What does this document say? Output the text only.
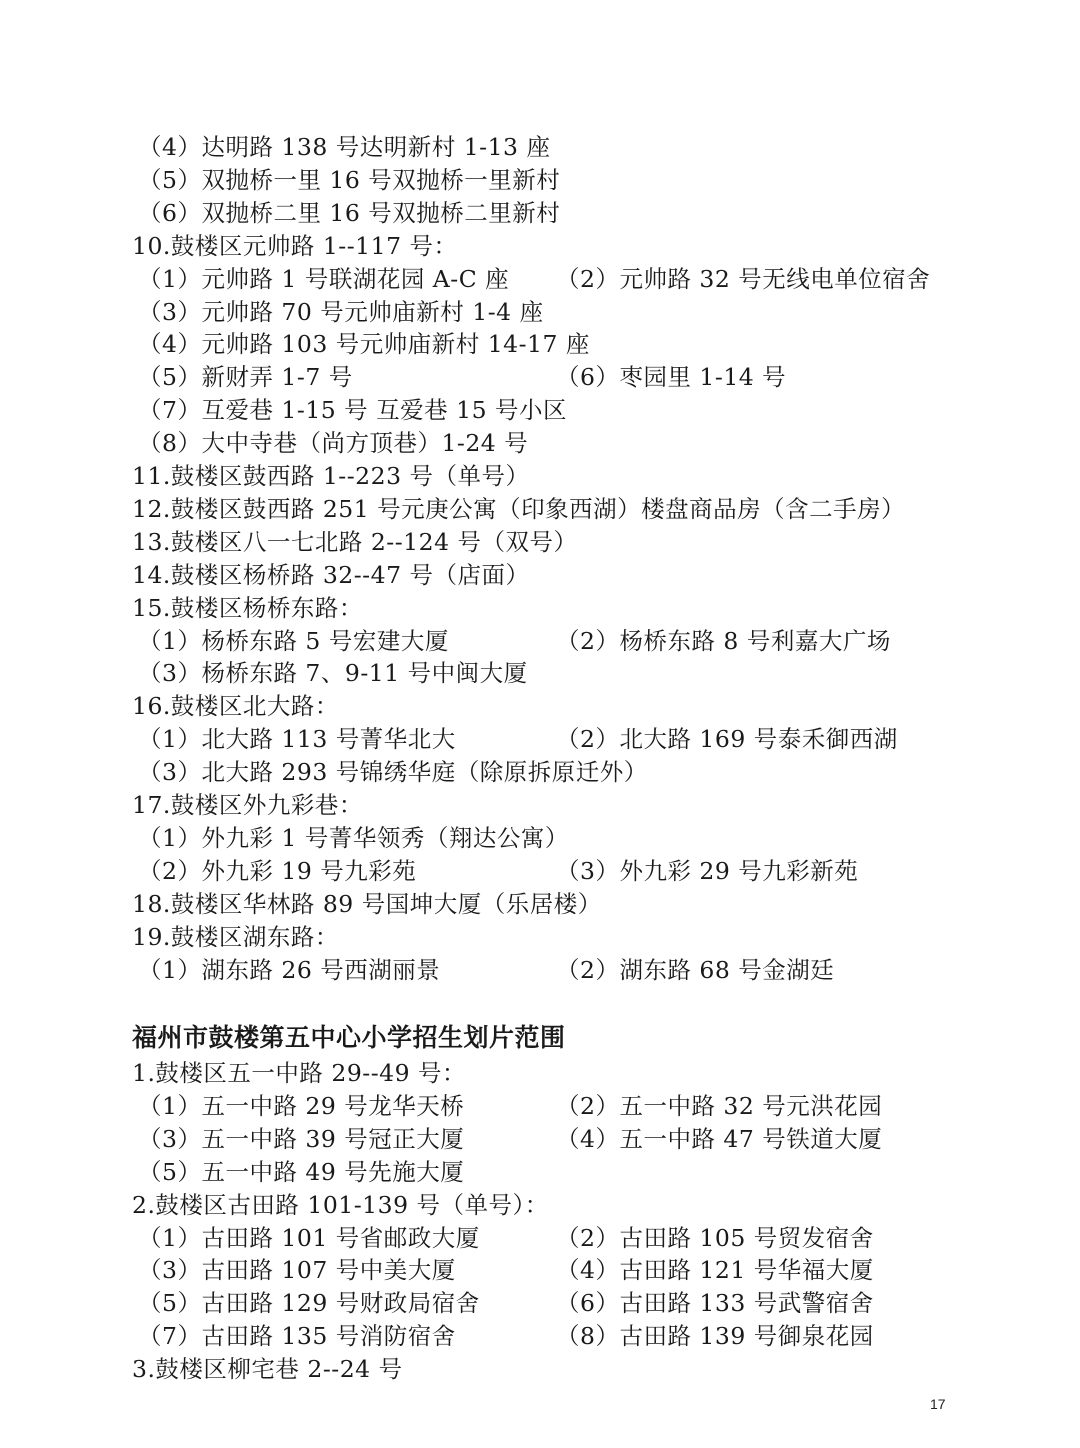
（4）达明路 138 号达明新村 1-13 座
（5）双抛桥一里 16 号双抛桥一里新村
（6）双抛桥二里 16 号双抛桥二里新村
10.鼓楼区元帅路 1--117 号：
（1）元帅路 1 号联湖花园 A-C 座 （2）元帅路 32 号无线电单位宿舍
（3）元帅路 70 号元帅庙新村 1-4 座
（4）元帅路 103 号元帅庙新村 14-17 座
（5）新财弄 1-7 号	（6）枣园里 1-14 号
（7）互爱巷 1-15 号 互爱巷 15 号小区
（8）大中寺巷（尚方顶巷）1-24 号
11.鼓楼区鼓西路 1--223 号（单号）
12.鼓楼区鼓西路 251 号元庚公寓（印象西湖）楼盘商品房（含二手房）
13.鼓楼区八一七北路 2--124 号（双号）
14.鼓楼区杨桥路 32--47 号（店面）
15.鼓楼区杨桥东路：
（1）杨桥东路 5 号宏建大厦	（2）杨桥东路 8 号利嘉大广场
（3）杨桥东路 7、9-11 号中闽大厦
16.鼓楼区北大路：
（1）北大路 113 号菁华北大	（2）北大路 169 号泰禾御西湖
（3）北大路 293 号锦绣华庭（除原拆原迁外）
17.鼓楼区外九彩巷：
（1）外九彩 1 号菁华领秀（翔达公寓）
（2）外九彩 19 号九彩苑	（3）外九彩 29 号九彩新苑
18.鼓楼区华林路 89 号国坤大厦（乐居楼）
19.鼓楼区湖东路：
（1）湖东路 26 号西湖丽景	（2）湖东路 68 号金湖廷
福州市鼓楼第五中心小学招生划片范围
1.鼓楼区五一中路 29--49 号：
（1）五一中路 29 号龙华天桥	（2）五一中路 32 号元洪花园
（3）五一中路 39 号冠正大厦	（4）五一中路 47 号铁道大厦
（5）五一中路 49 号先施大厦
2.鼓楼区古田路 101-139 号（单号）：
（1）古田路 101 号省邮政大厦	（2）古田路 105 号贸发宿舍
（3）古田路 107 号中美大厦	（4）古田路 121 号华福大厦
（5）古田路 129 号财政局宿舍	（6）古田路 133 号武警宿舍
（7）古田路 135 号消防宿舍	（8）古田路 139 号御泉花园
3.鼓楼区柳宅巷 2--24 号
17
